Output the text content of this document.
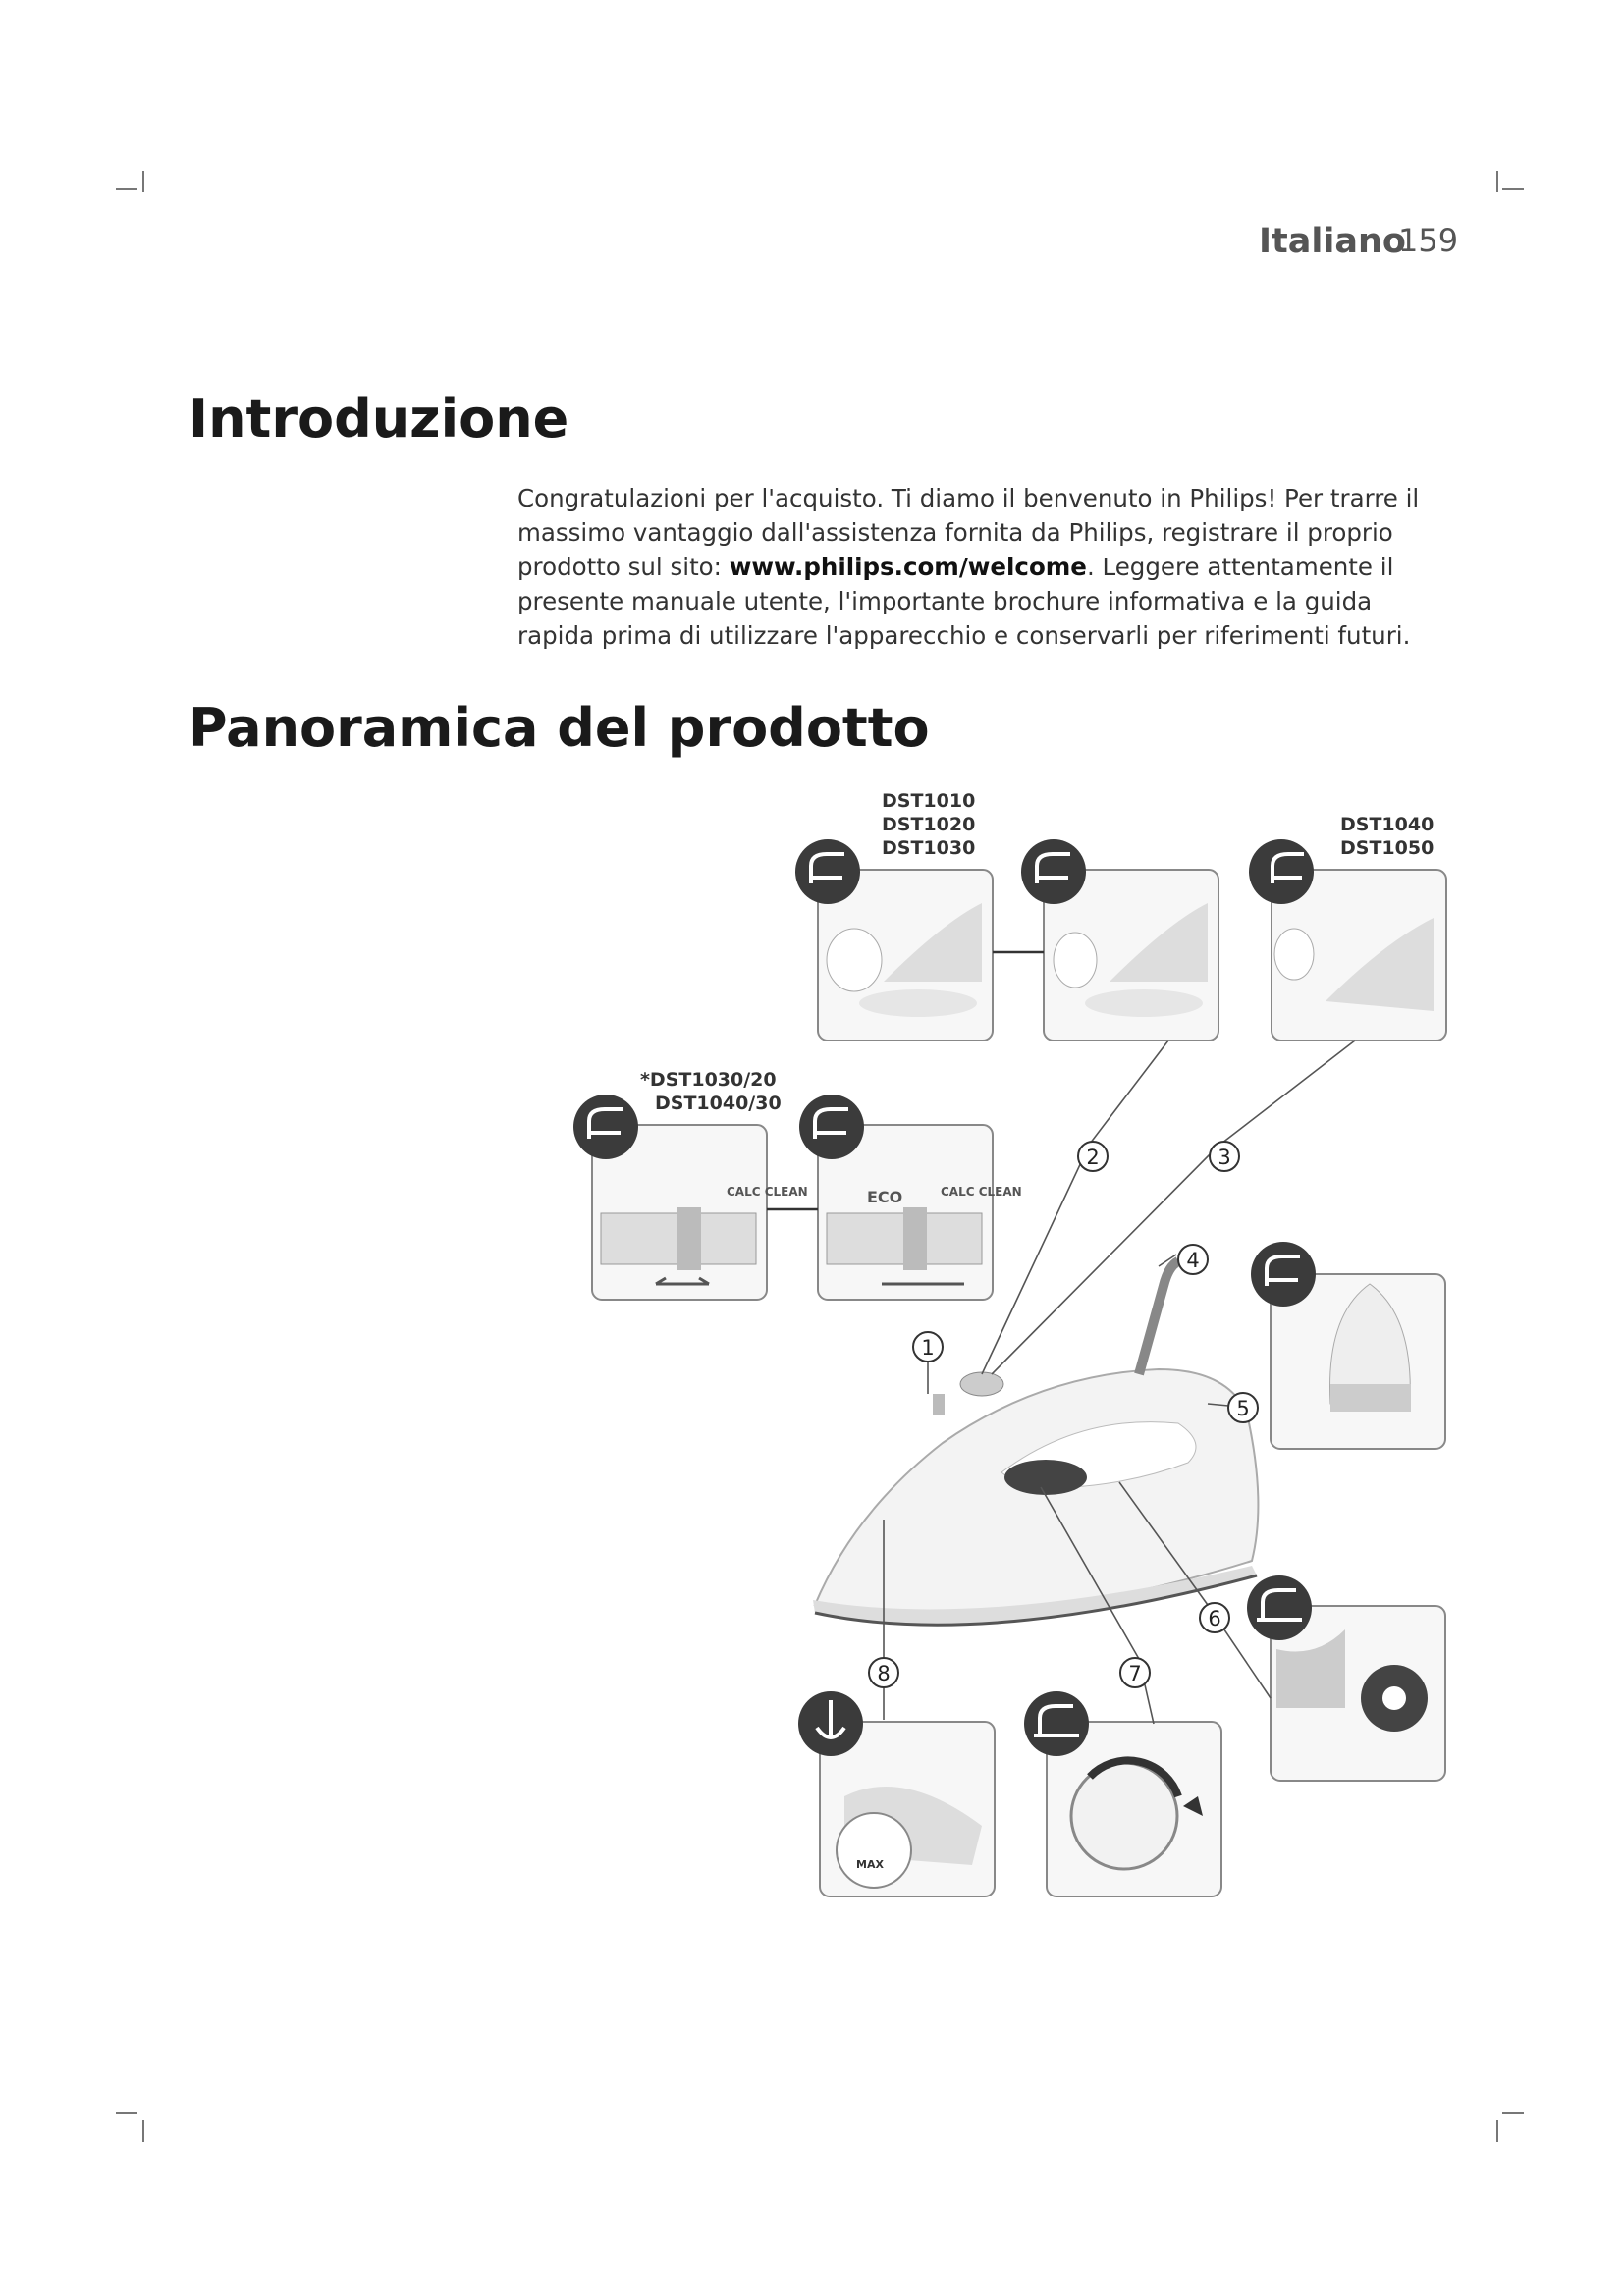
Italiano
159
Introduzione

Congratulazioni per l'acquisto. Ti diamo il benvenuto in Philips! Per trarre il massimo vantaggio dall'assistenza fornita da Philips, registrare il proprio prodotto sul sito: www.philips.com/welcome. Leggere attentamente il presente manuale utente, l'importante brochure informativa e la guida rapida prima di utilizzare l'apparecchio e conservarli per riferimenti futuri.

Panoramica del prodotto
DST1010
DST1020
DST1030
DST1040
DST1050
*DST1030/20
DST1040/30
ECO
MAX
1
2	3
4
5
6
7
8
CALC CLEAN	CALC CLEAN
